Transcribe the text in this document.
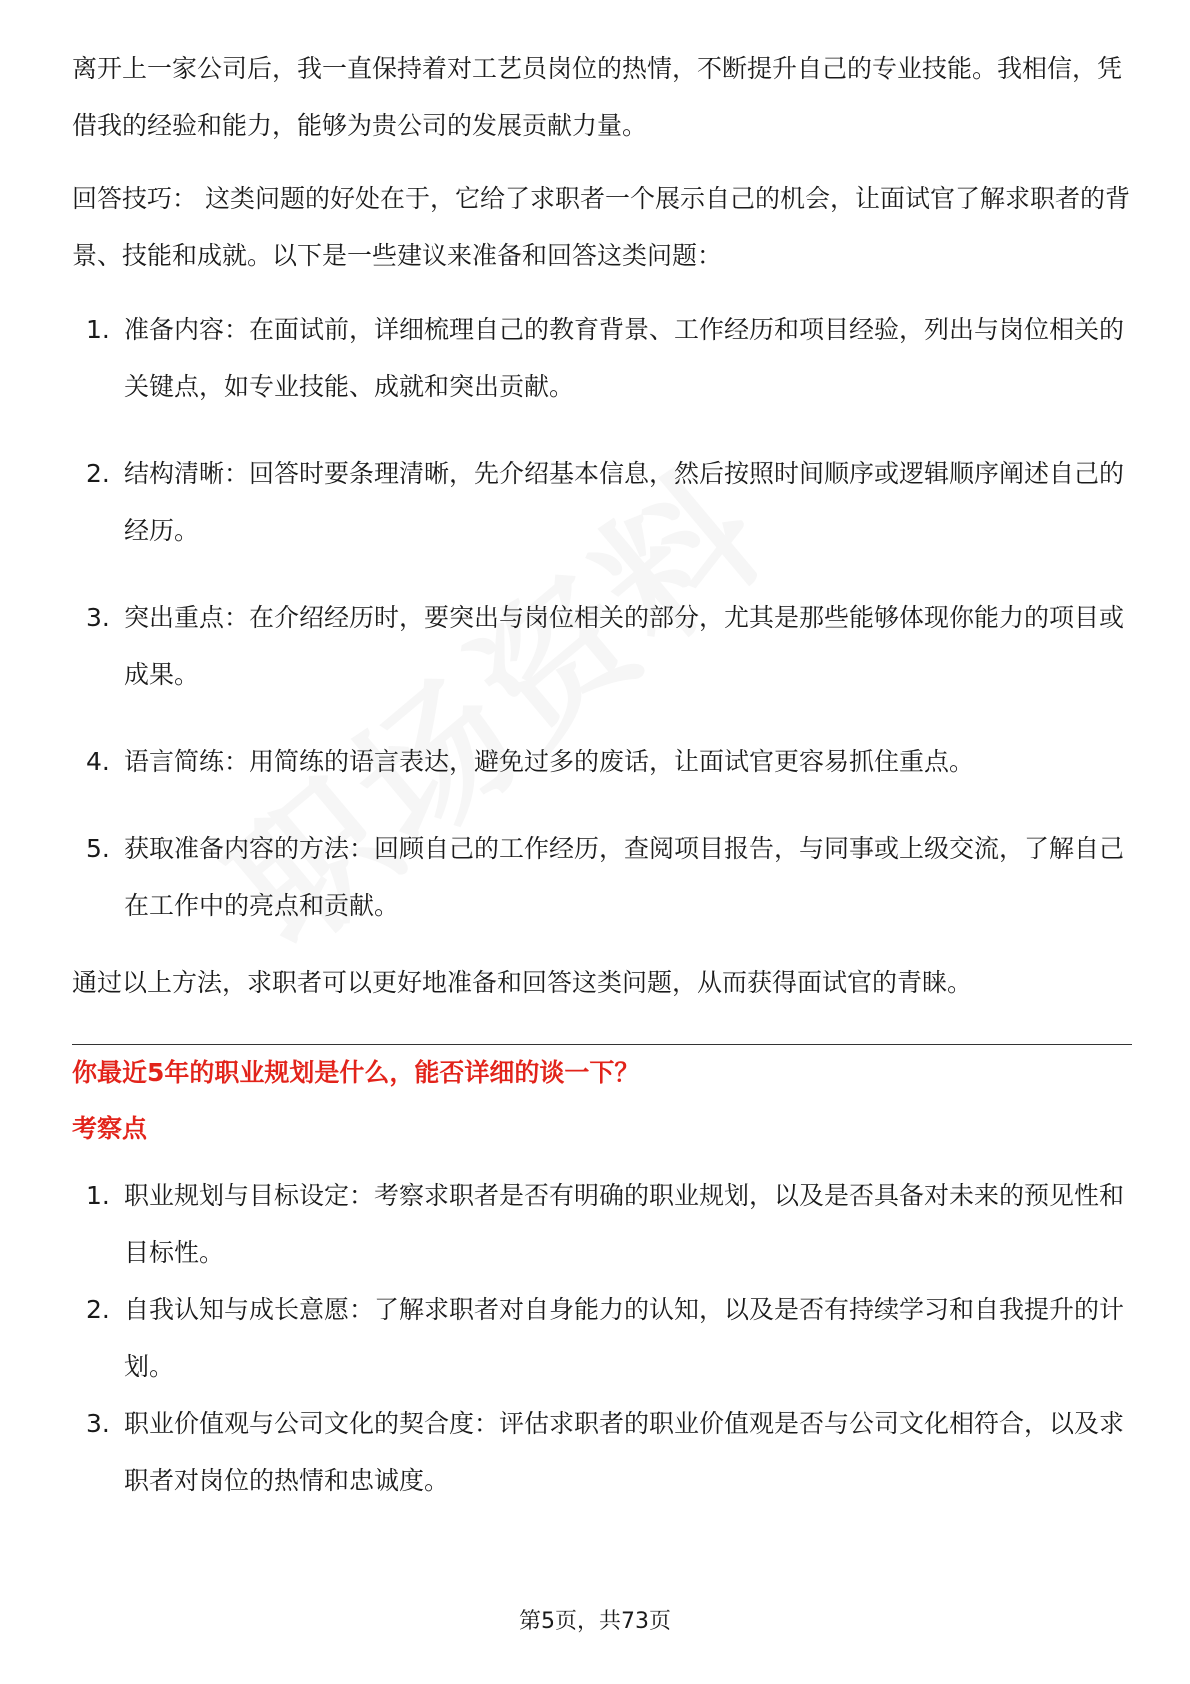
离开上一家公司后，我一直保持着对工艺员岗位的热情，不断提升自己的专业技能。我相信，凭借我的经验和能力，能够为贵公司的发展贡献力量。

回答技巧： 这类问题的好处在于，它给了求职者一个展示自己的机会，让面试官了解求职者的背景、技能和成就。以下是一些建议来准备和回答这类问题：

1. 准备内容：在面试前，详细梳理自己的教育背景、工作经历和项目经验，列出与岗位相关的关键点，如专业技能、成就和突出贡献。
2. 结构清晰：回答时要条理清晰，先介绍基本信息，然后按照时间顺序或逻辑顺序阐述自己的经历。
3. 突出重点：在介绍经历时，要突出与岗位相关的部分，尤其是那些能够体现你能力的项目或成果。
4. 语言简练：用简练的语言表达，避免过多的废话，让面试官更容易抓住重点。
5. 获取准备内容的方法：回顾自己的工作经历，查阅项目报告，与同事或上级交流，了解自己在工作中的亮点和贡献。

通过以上方法，求职者可以更好地准备和回答这类问题，从而获得面试官的青睐。

你最近5年的职业规划是什么，能否详细的谈一下？
考察点
1. 职业规划与目标设定：考察求职者是否有明确的职业规划，以及是否具备对未来的预见性和目标性。
2. 自我认知与成长意愿：了解求职者对自身能力的认知，以及是否有持续学习和自我提升的计划。
3. 职业价值观与公司文化的契合度：评估求职者的职业价值观是否与公司文化相符合，以及求职者对岗位的热情和忠诚度。
第5页，共73页
